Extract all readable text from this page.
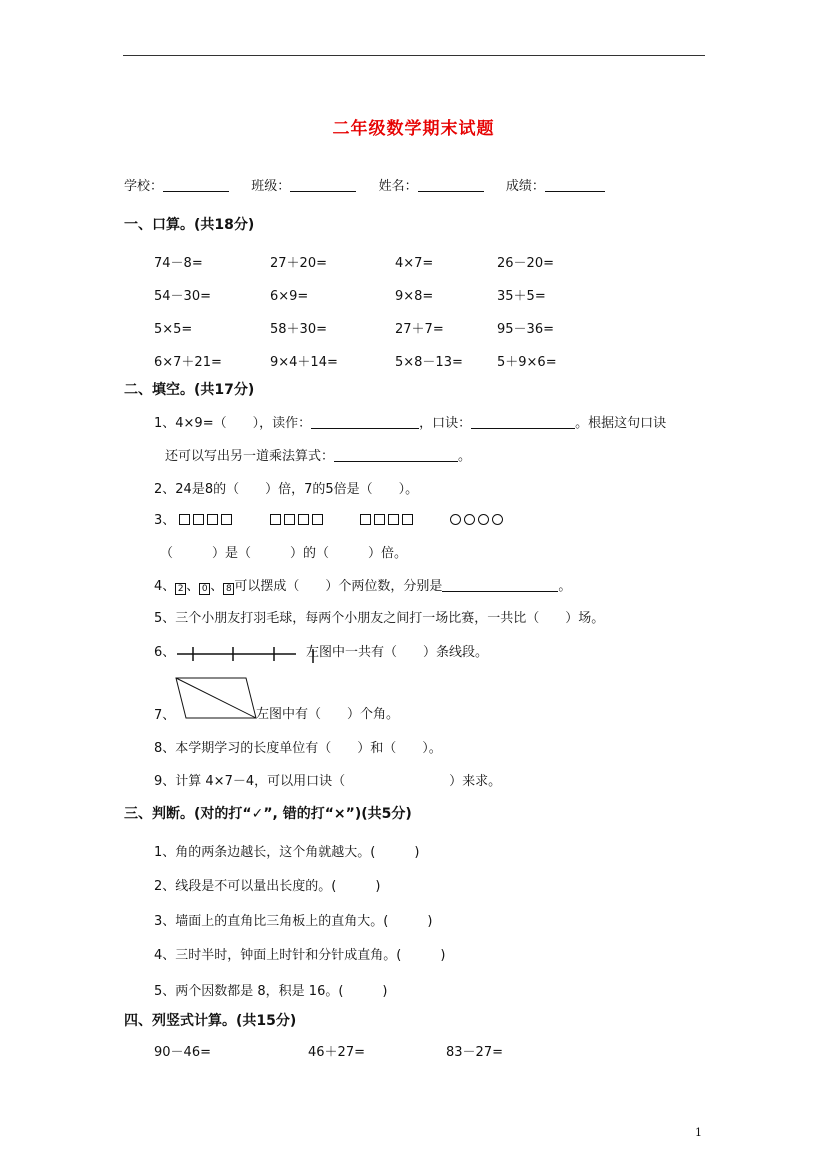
二年级数学期末试题
学校：	班级：	姓名：	成绩：
一、口算。(共18分)
74－8=	27＋20=	4×7=	26－20=
54－30=	6×9=	9×8=	35＋5=
5×5=	58＋30=	27＋7=	95－36=
6×7＋21=	9×4＋14=	5×8－13=	5＋9×6=
二、填空。(共17分)
1、4×9=（　　），读作：	，口诀：	。根据这句口诀
还可以写出另一道乘法算式：	。
2、24是8的（　　）倍，7的5倍是（　　）。
3、
（　　　）是（　　　）的（　　　）倍。
4、 2 、 0 、 8 可以摆成（　　）个两位数，分别是	。
5、三个小朋友打羽毛球，每两个小朋友之间打一场比赛，一共比（　　）场。
6、	左图中一共有（　　）条线段。
7、	左图中有（　　）个角。
8、本学期学习的长度单位有（　　）和（　　）。
9、计算 4×7－4，可以用口诀（　　　　　　　　）来求。
三、判断。(对的打“✓”, 错的打“×”)(共5分)
1、角的两条边越长，这个角就越大。(　　　)
2、线段是不可以量出长度的。(　　　)
3、墙面上的直角比三角板上的直角大。(　　　)
4、三时半时，钟面上时针和分针成直角。(　　　)
5、两个因数都是 8，积是 16。(　　　)
四、列竖式计算。(共15分)
90－46=	46＋27=	83－27=
1
